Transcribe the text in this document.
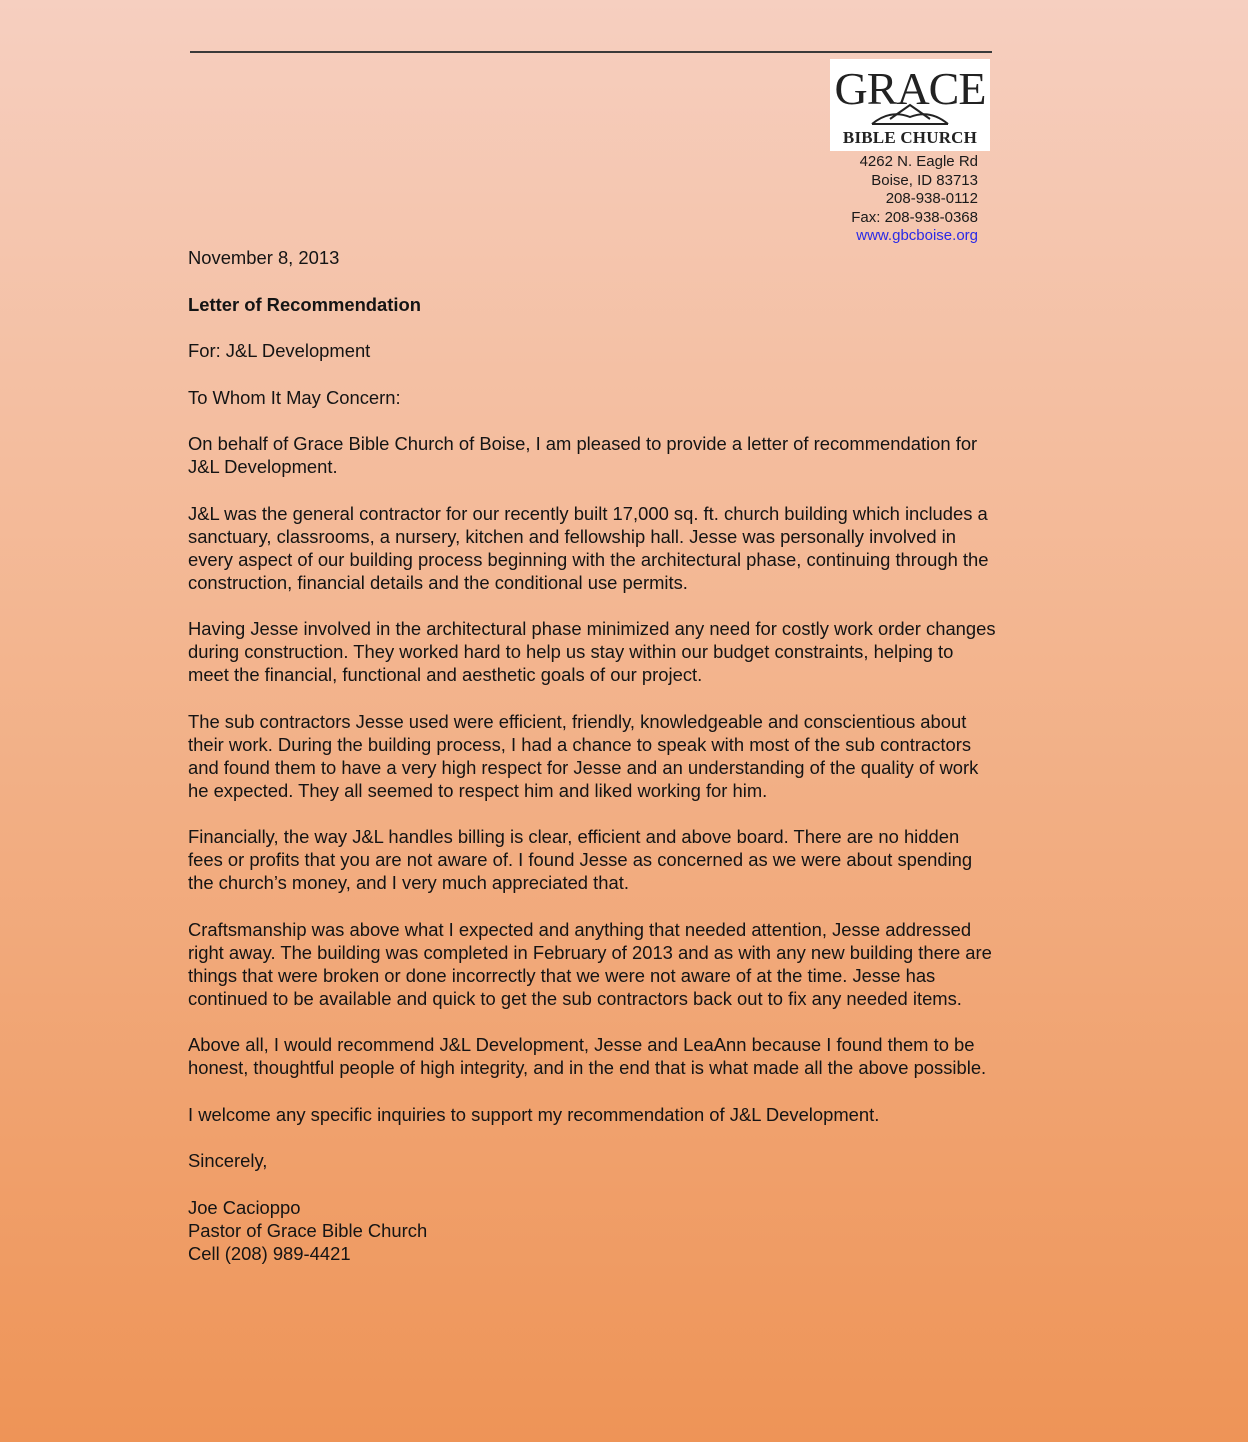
GRACE
BIBLE CHURCH
4262 N. Eagle Rd
Boise, ID 83713
208-938-0112
Fax: 208-938-0368
www.gbcboise.org

November 8, 2013

Letter of Recommendation

For: J&L Development

To Whom It May Concern:

On behalf of Grace Bible Church of Boise, I am pleased to provide a letter of recommendation for J&L Development.

J&L was the general contractor for our recently built 17,000 sq. ft. church building which includes a sanctuary, classrooms, a nursery, kitchen and fellowship hall. Jesse was personally involved in every aspect of our building process beginning with the architectural phase, continuing through the construction, financial details and the conditional use permits.

Having Jesse involved in the architectural phase minimized any need for costly work order changes during construction. They worked hard to help us stay within our budget constraints, helping to meet the financial, functional and aesthetic goals of our project.

The sub contractors Jesse used were efficient, friendly, knowledgeable and conscientious about their work. During the building process, I had a chance to speak with most of the sub contractors and found them to have a very high respect for Jesse and an understanding of the quality of work he expected. They all seemed to respect him and liked working for him.

Financially, the way J&L handles billing is clear, efficient and above board. There are no hidden fees or profits that you are not aware of. I found Jesse as concerned as we were about spending the church’s money, and I very much appreciated that.

Craftsmanship was above what I expected and anything that needed attention, Jesse addressed right away. The building was completed in February of 2013 and as with any new building there are things that were broken or done incorrectly that we were not aware of at the time. Jesse has continued to be available and quick to get the sub contractors back out to fix any needed items.

Above all, I would recommend J&L Development, Jesse and LeaAnn because I found them to be honest, thoughtful people of high integrity, and in the end that is what made all the above possible.

I welcome any specific inquiries to support my recommendation of J&L Development.

Sincerely,

Joe Cacioppo

Pastor of Grace Bible Church

Cell (208) 989-4421
